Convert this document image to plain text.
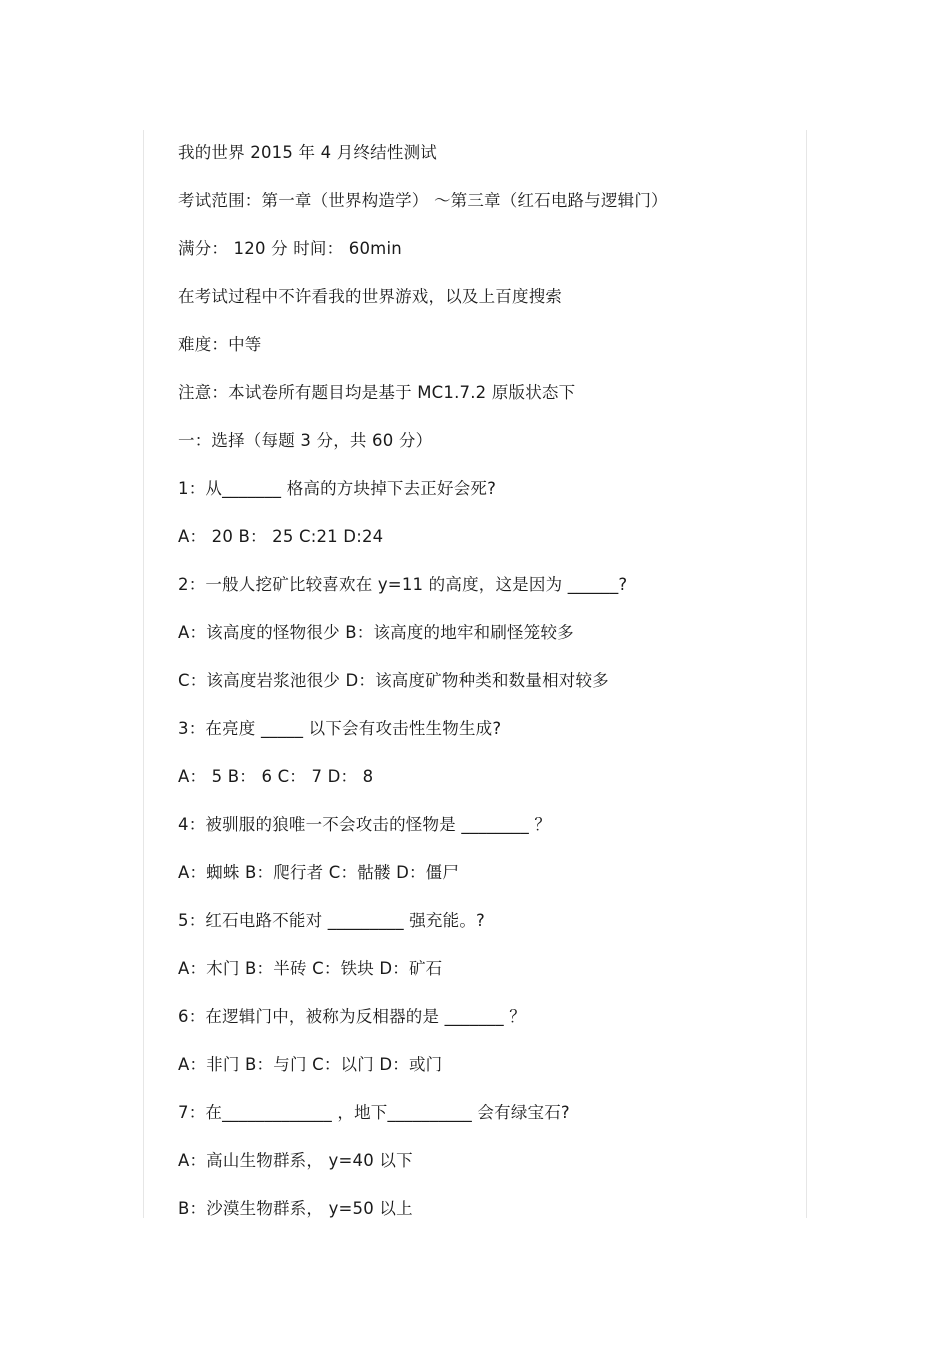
我的世界 2015 年 4 月终结性测试
考试范围：第一章（世界构造学） ～第三章（红石电路与逻辑门）
满分： 120 分 时间： 60min
在考试过程中不许看我的世界游戏，以及上百度搜索
难度：中等
注意：本试卷所有题目均是基于 MC1.7.2 原版状态下
一：选择（每题 3 分，共 60 分）
1：从_______ 格高的方块掉下去正好会死?
A： 20 B： 25 C:21 D:24
2：一般人挖矿比较喜欢在 y=11 的高度，这是因为 ______?
A：该高度的怪物很少 B：该高度的地牢和刷怪笼较多
C：该高度岩浆池很少 D：该高度矿物种类和数量相对较多
3：在亮度 _____ 以下会有攻击性生物生成?
A： 5 B： 6 C： 7 D： 8
4：被驯服的狼唯一不会攻击的怪物是 ________ ？
A：蜘蛛 B：爬行者 C：骷髅 D：僵尸
5：红石电路不能对 _________ 强充能。?
A：木门 B：半砖 C：铁块 D：矿石
6：在逻辑门中，被称为反相器的是 _______ ？
A：非门 B：与门 C：以门 D：或门
7：在_____________ ，地下__________ 会有绿宝石?
A：高山生物群系， y=40 以下
B：沙漠生物群系， y=50 以上
